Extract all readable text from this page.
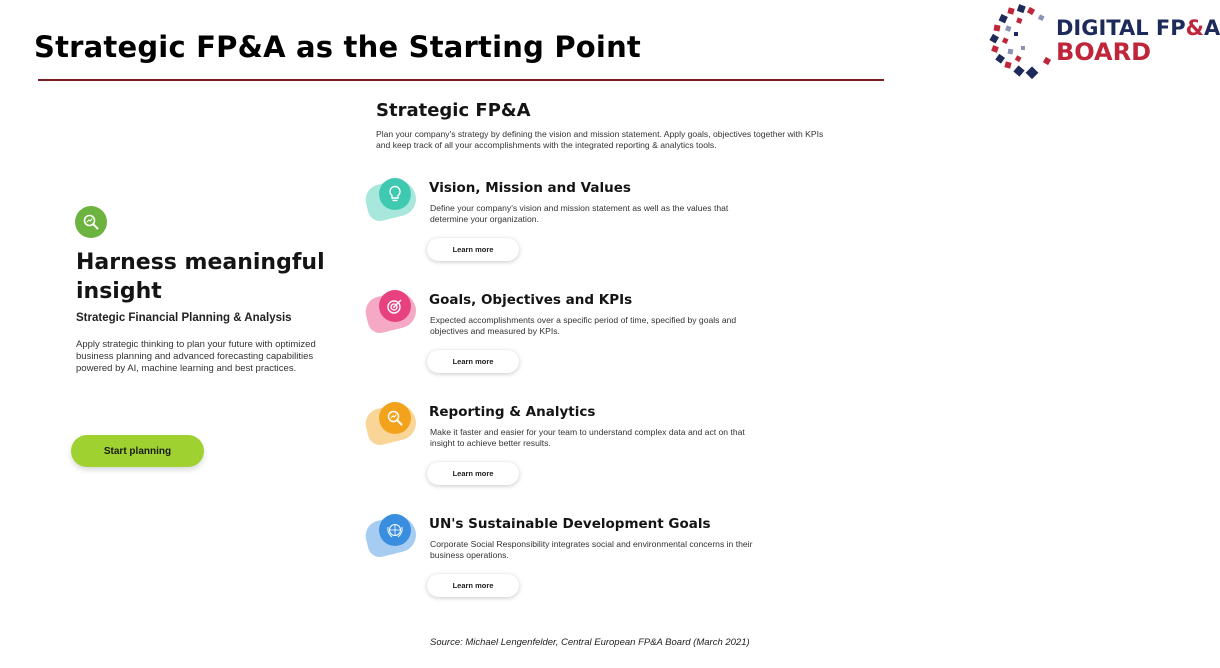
Strategic FP&A as the Starting Point
DIGITAL FP&A
BOARD
Harness meaningful insight
Strategic Financial Planning & Analysis
Apply strategic thinking to plan your future with optimized business planning and advanced forecasting capabilities powered by AI, machine learning and best practices.
Start planning
Strategic FP&A
Plan your company's strategy by defining the vision and mission statement. Apply goals, objectives together with KPIs and keep track of all your accomplishments with the integrated reporting & analytics tools.
Vision, Mission and Values
Define your company's vision and mission statement as well as the values that determine your organization.
Learn more
Goals, Objectives and KPIs
Expected accomplishments over a specific period of time, specified by goals and objectives and measured by KPIs.
Learn more
Reporting & Analytics
Make it faster and easier for your team to understand complex data and act on that insight to achieve better results.
Learn more
UN's Sustainable Development Goals
Corporate Social Responsibility integrates social and environmental concerns in their business operations.
Learn more
Source: Michael Lengenfelder, Central European FP&A Board (March 2021)
